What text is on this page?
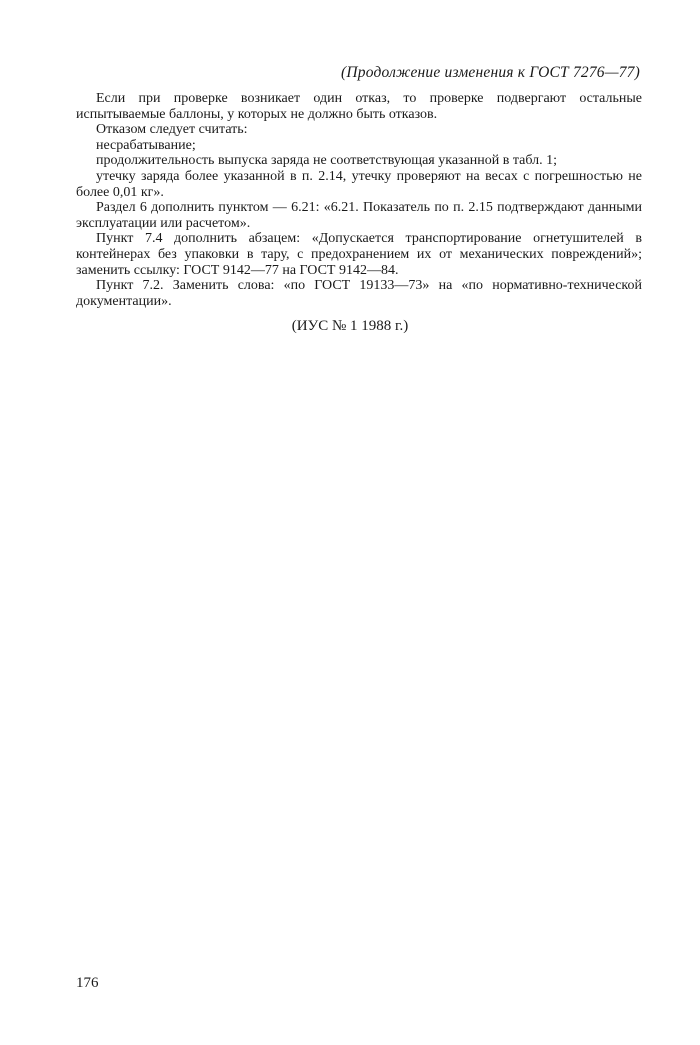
(Продолжение изменения к ГОСТ 7276—77)

Если при проверке возникает один отказ, то проверке подвергают остальные испытываемые баллоны, у которых не должно быть отказов.

Отказом следует считать:

несрабатывание;

продолжительность выпуска заряда не соответствующая указанной в табл. 1;

утечку заряда более указанной в п. 2.14, утечку проверяют на весах с погрешностью не более 0,01 кг».

Раздел 6 дополнить пунктом — 6.21: «6.21. Показатель по п. 2.15 подтверждают данными эксплуатации или расчетом».

Пункт 7.4 дополнить абзацем: «Допускается транспортирование огнетушителей в контейнерах без упаковки в тару, с предохранением их от механических повреждений»; заменить ссылку: ГОСТ 9142—77 на ГОСТ 9142—84.

Пункт 7.2. Заменить слова: «по ГОСТ 19133—73» на «по нормативно-технической документации».

(ИУС № 1 1988 г.)
176
